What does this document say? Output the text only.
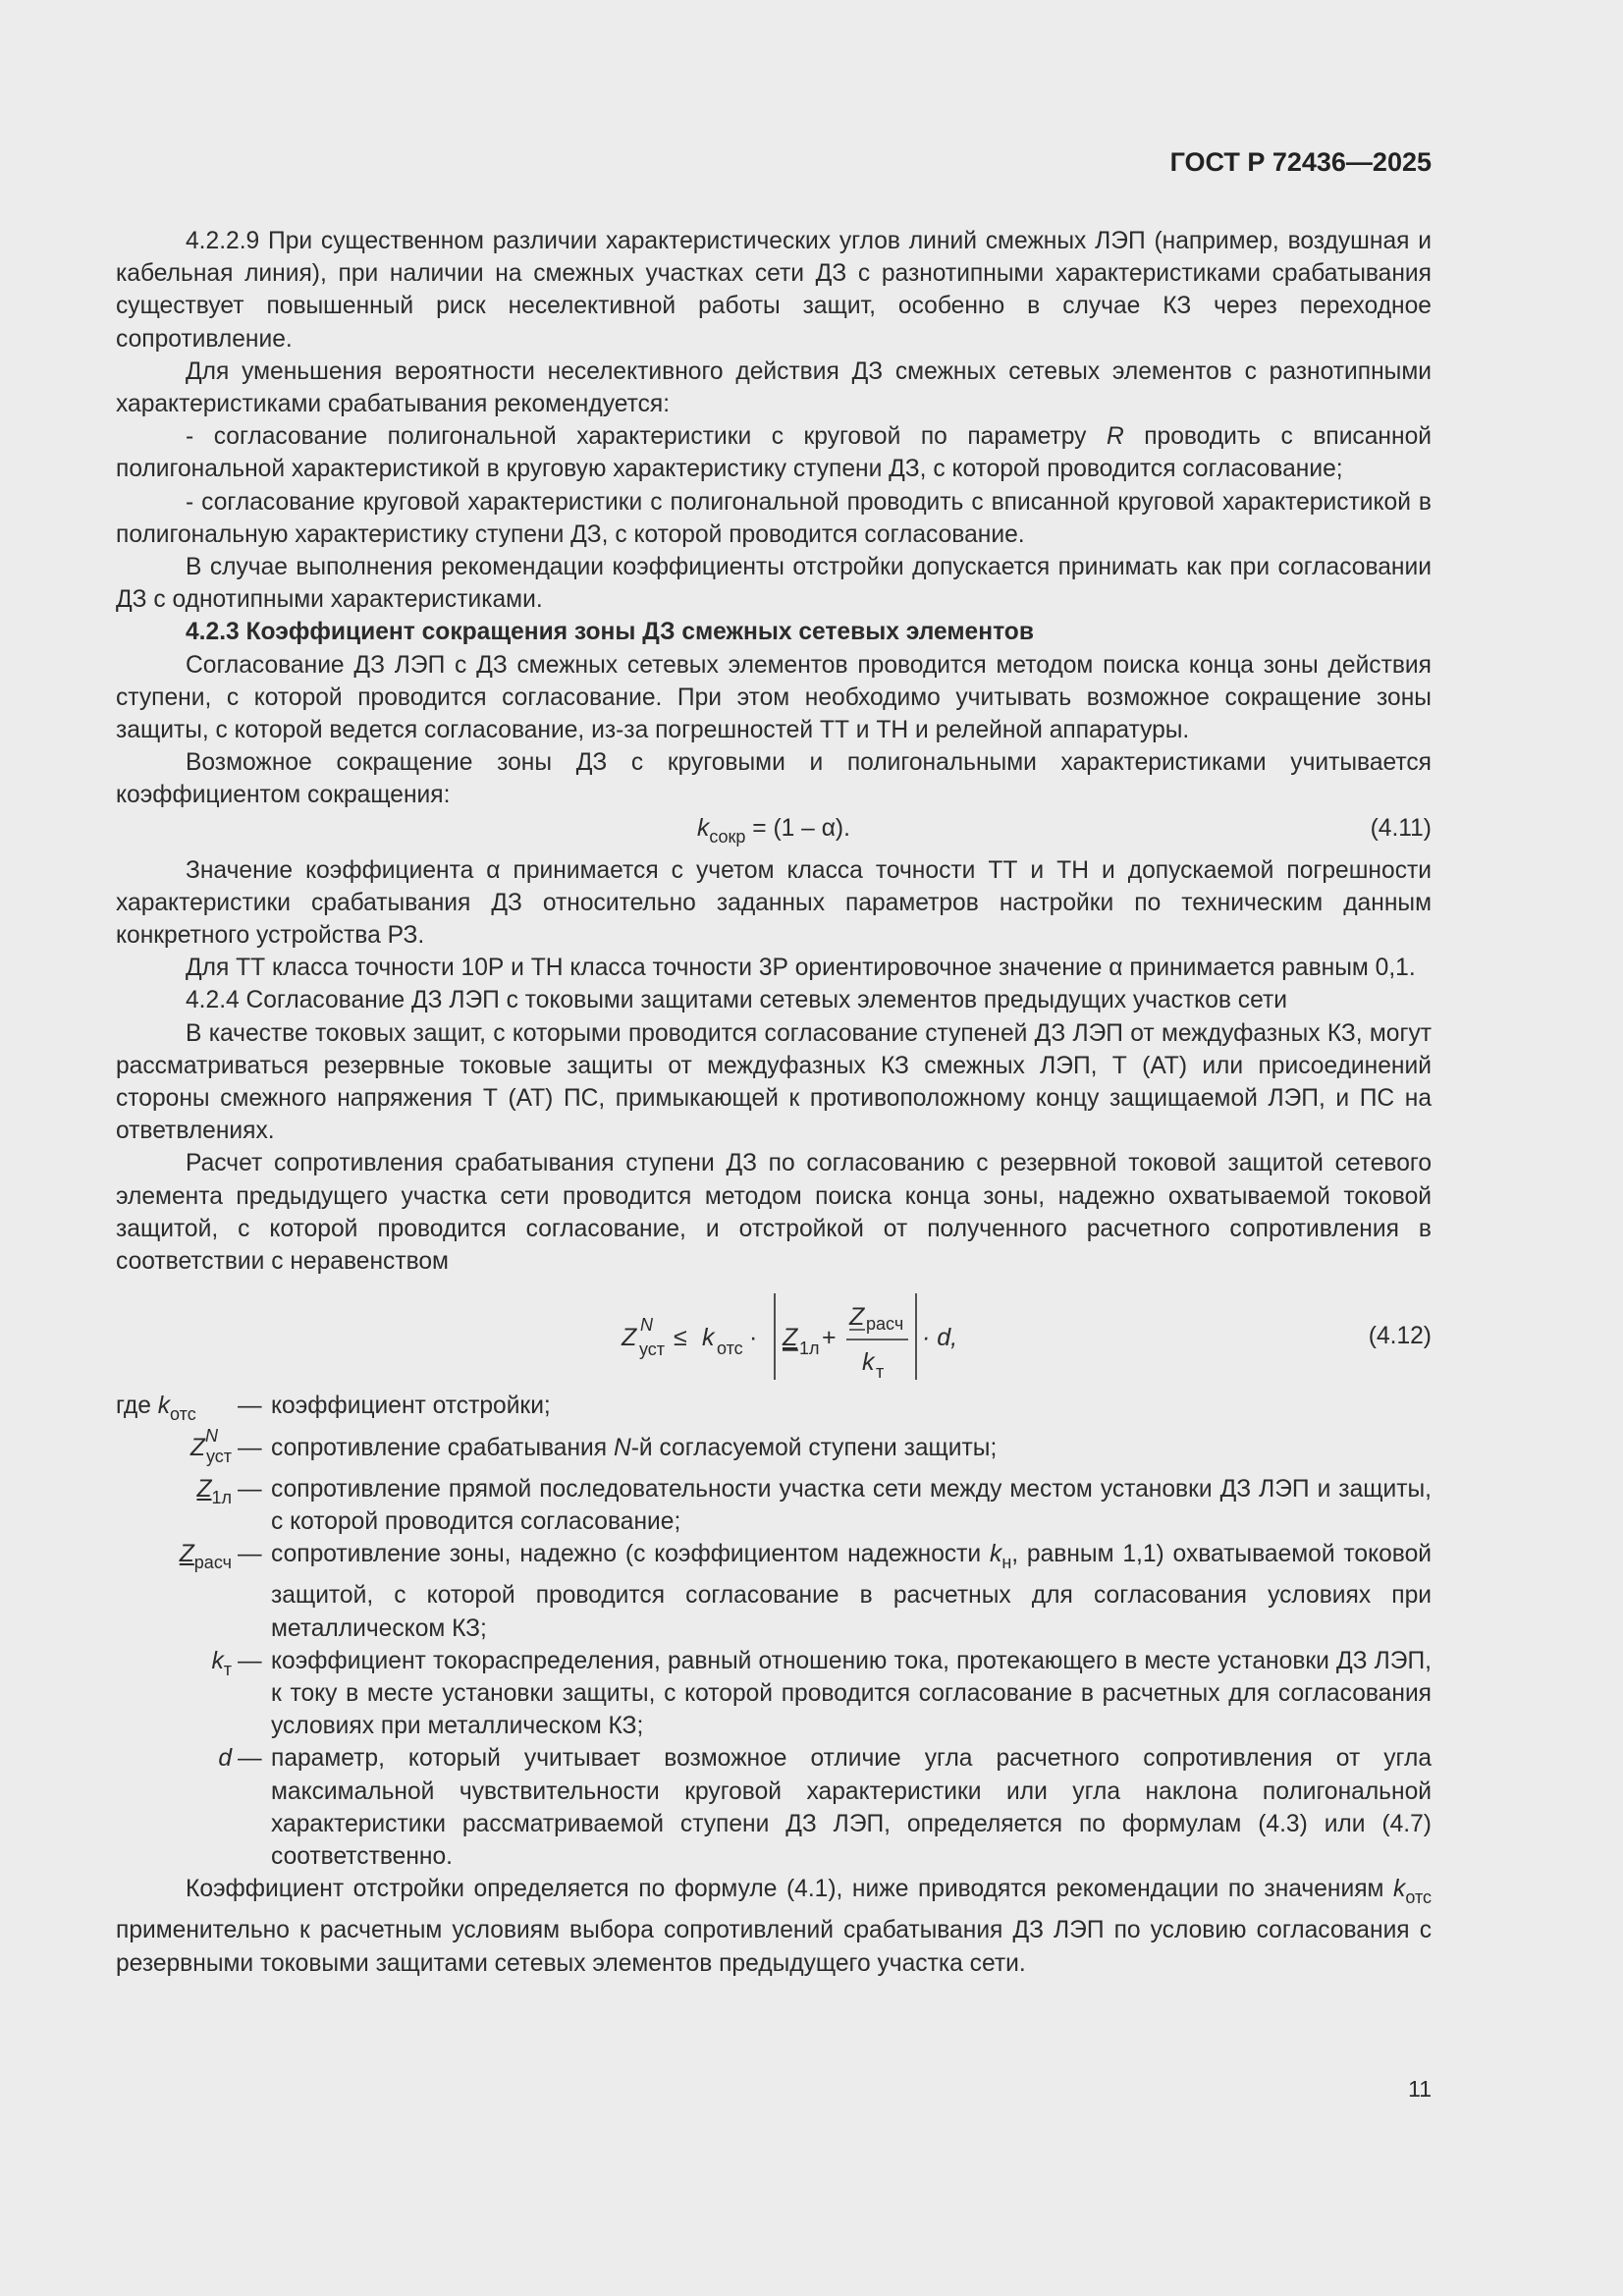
ГОСТ Р 72436—2025

4.2.2.9 При существенном различии характеристических углов линий смежных ЛЭП (например, воздушная и кабельная линия), при наличии на смежных участках сети ДЗ с разнотипными характеристиками срабатывания существует повышенный риск неселективной работы защит, особенно в случае КЗ через переходное сопротивление.

Для уменьшения вероятности неселективного действия ДЗ смежных сетевых элементов с разнотипными характеристиками срабатывания рекомендуется:

- согласование полигональной характеристики с круговой по параметру R проводить с вписанной полигональной характеристикой в круговую характеристику ступени ДЗ, с которой проводится согласование;

- согласование круговой характеристики с полигональной проводить с вписанной круговой характеристикой в полигональную характеристику ступени ДЗ, с которой проводится согласование.

В случае выполнения рекомендации коэффициенты отстройки допускается принимать как при согласовании ДЗ с однотипными характеристиками.

4.2.3 Коэффициент сокращения зоны ДЗ смежных сетевых элементов

Согласование ДЗ ЛЭП с ДЗ смежных сетевых элементов проводится методом поиска конца зоны действия ступени, с которой проводится согласование. При этом необходимо учитывать возможное сокращение зоны защиты, с которой ведется согласование, из-за погрешностей ТТ и ТН и релейной аппаратуры.

Возможное сокращение зоны ДЗ с круговыми и полигональными характеристиками учитывается коэффициентом сокращения:

$k_{сокр} = (1 - \alpha)$.	(4.11)

Значение коэффициента α принимается с учетом класса точности ТТ и ТН и допускаемой погрешности характеристики срабатывания ДЗ относительно заданных параметров настройки по техническим данным конкретного устройства РЗ.

Для ТТ класса точности 10Р и ТН класса точности 3Р ориентировочное значение α принимается равным 0,1.

4.2.4 Согласование ДЗ ЛЭП с токовыми защитами сетевых элементов предыдущих участков сети

В качестве токовых защит, с которыми проводится согласование ступеней ДЗ ЛЭП от междуфазных КЗ, могут рассматриваться резервные токовые защиты от междуфазных КЗ смежных ЛЭП, Т (АТ) или присоединений стороны смежного напряжения Т (АТ) ПС, примыкающей к противоположному концу защищаемой ЛЭП, и ПС на ответвлениях.

Расчет сопротивления срабатывания ступени ДЗ по согласованию с резервной токовой защитой сетевого элемента предыдущего участка сети проводится методом поиска конца зоны, надежно охватываемой токовой защитой, с которой проводится согласование, и отстройкой от полученного расчетного сопротивления в соответствии с неравенством

Z N
уст ≤ k отс · Z 1л +
Z расч
k т
· d,	(4.12)
где $k_{отс}$	— коэффициент отстройки;
$Z^N_{уст}$ — сопротивление срабатывания N-й согласуемой ступени защиты;
$Z_{1л}$ — сопротивление прямой последовательности участка сети между местом установки ДЗ ЛЭП и защиты, с которой проводится согласование;
$Z_{расч}$ — сопротивление зоны, надежно (с коэффициентом надежности $k_н$, равным 1,1) охватываемой токовой защитой, с которой проводится согласование в расчетных для согласования условиях при металлическом КЗ;
$k_т$ — коэффициент токораспределения, равный отношению тока, протекающего в месте установки ДЗ ЛЭП, к току в месте установки защиты, с которой проводится согласование в расчетных для согласования условиях при металлическом КЗ;
d — параметр, который учитывает возможное отличие угла расчетного сопротивления от угла максимальной чувствительности круговой характеристики или угла наклона полигональной характеристики рассматриваемой ступени ДЗ ЛЭП, определяется по формулам (4.3) или (4.7) соответственно.

Коэффициент отстройки определяется по формуле (4.1), ниже приводятся рекомендации по значениям $k_{отс}$ применительно к расчетным условиям выбора сопротивлений срабатывания ДЗ ЛЭП по условию согласования с резервными токовыми защитами сетевых элементов предыдущего участка сети.

11
